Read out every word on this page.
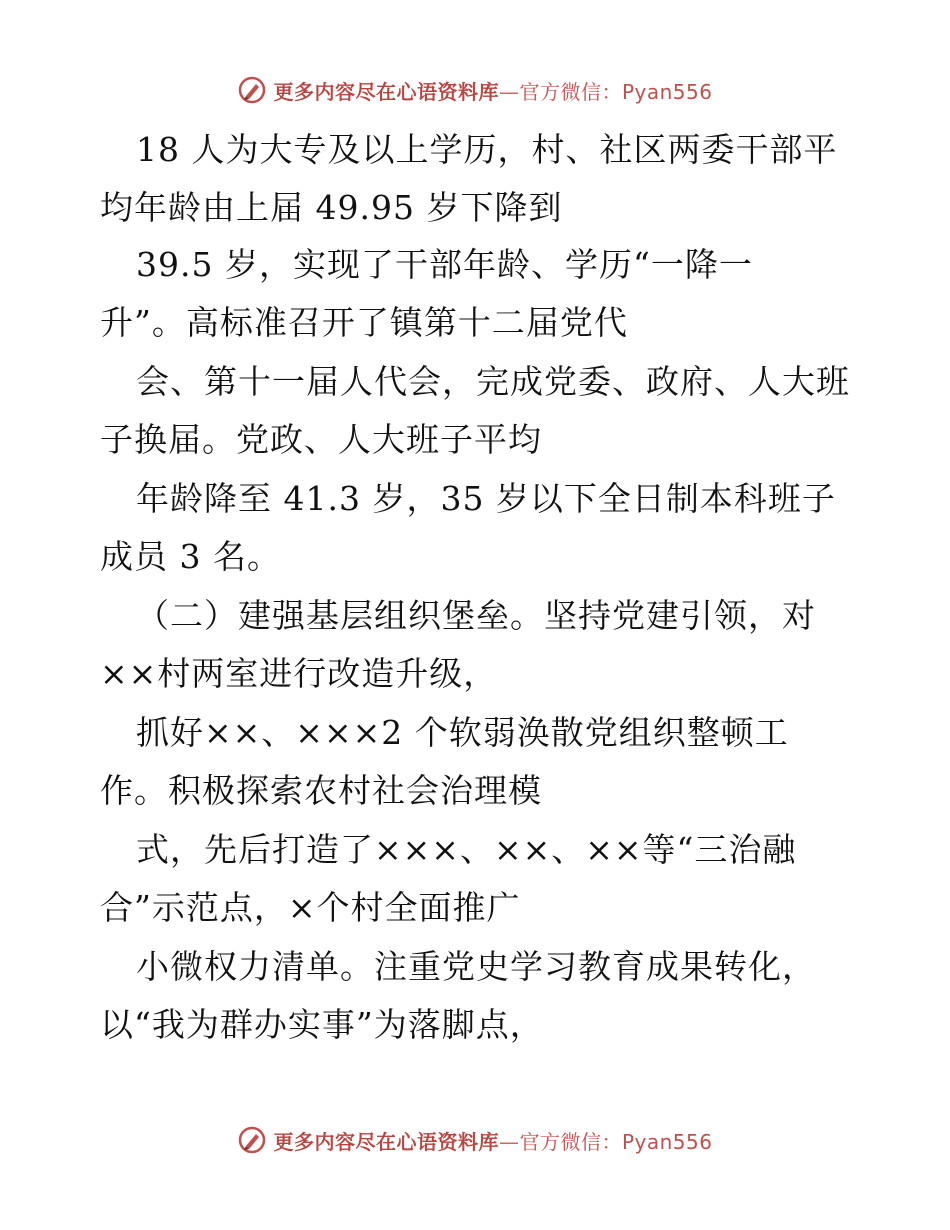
更多内容尽在心语资料库—官方微信：Pyan556
18 人为大专及以上学历，村、社区两委干部平
均年龄由上届 49.95 岁下降到
39.5 岁，实现了干部年龄、学历“一降一
升”。高标准召开了镇第十二届党代
会、第十一届人代会，完成党委、政府、人大班
子换届。党政、人大班子平均
年龄降至 41.3 岁，35 岁以下全日制本科班子
成员 3 名。
（二）建强基层组织堡垒。坚持党建引领，对
××村两室进行改造升级，
抓好××、×××2 个软弱涣散党组织整顿工
作。积极探索农村社会治理模
式，先后打造了×××、××、××等“三治融
合”示范点，×个村全面推广
小微权力清单。注重党史学习教育成果转化，
以“我为群办实事”为落脚点，
更多内容尽在心语资料库—官方微信：Pyan556
